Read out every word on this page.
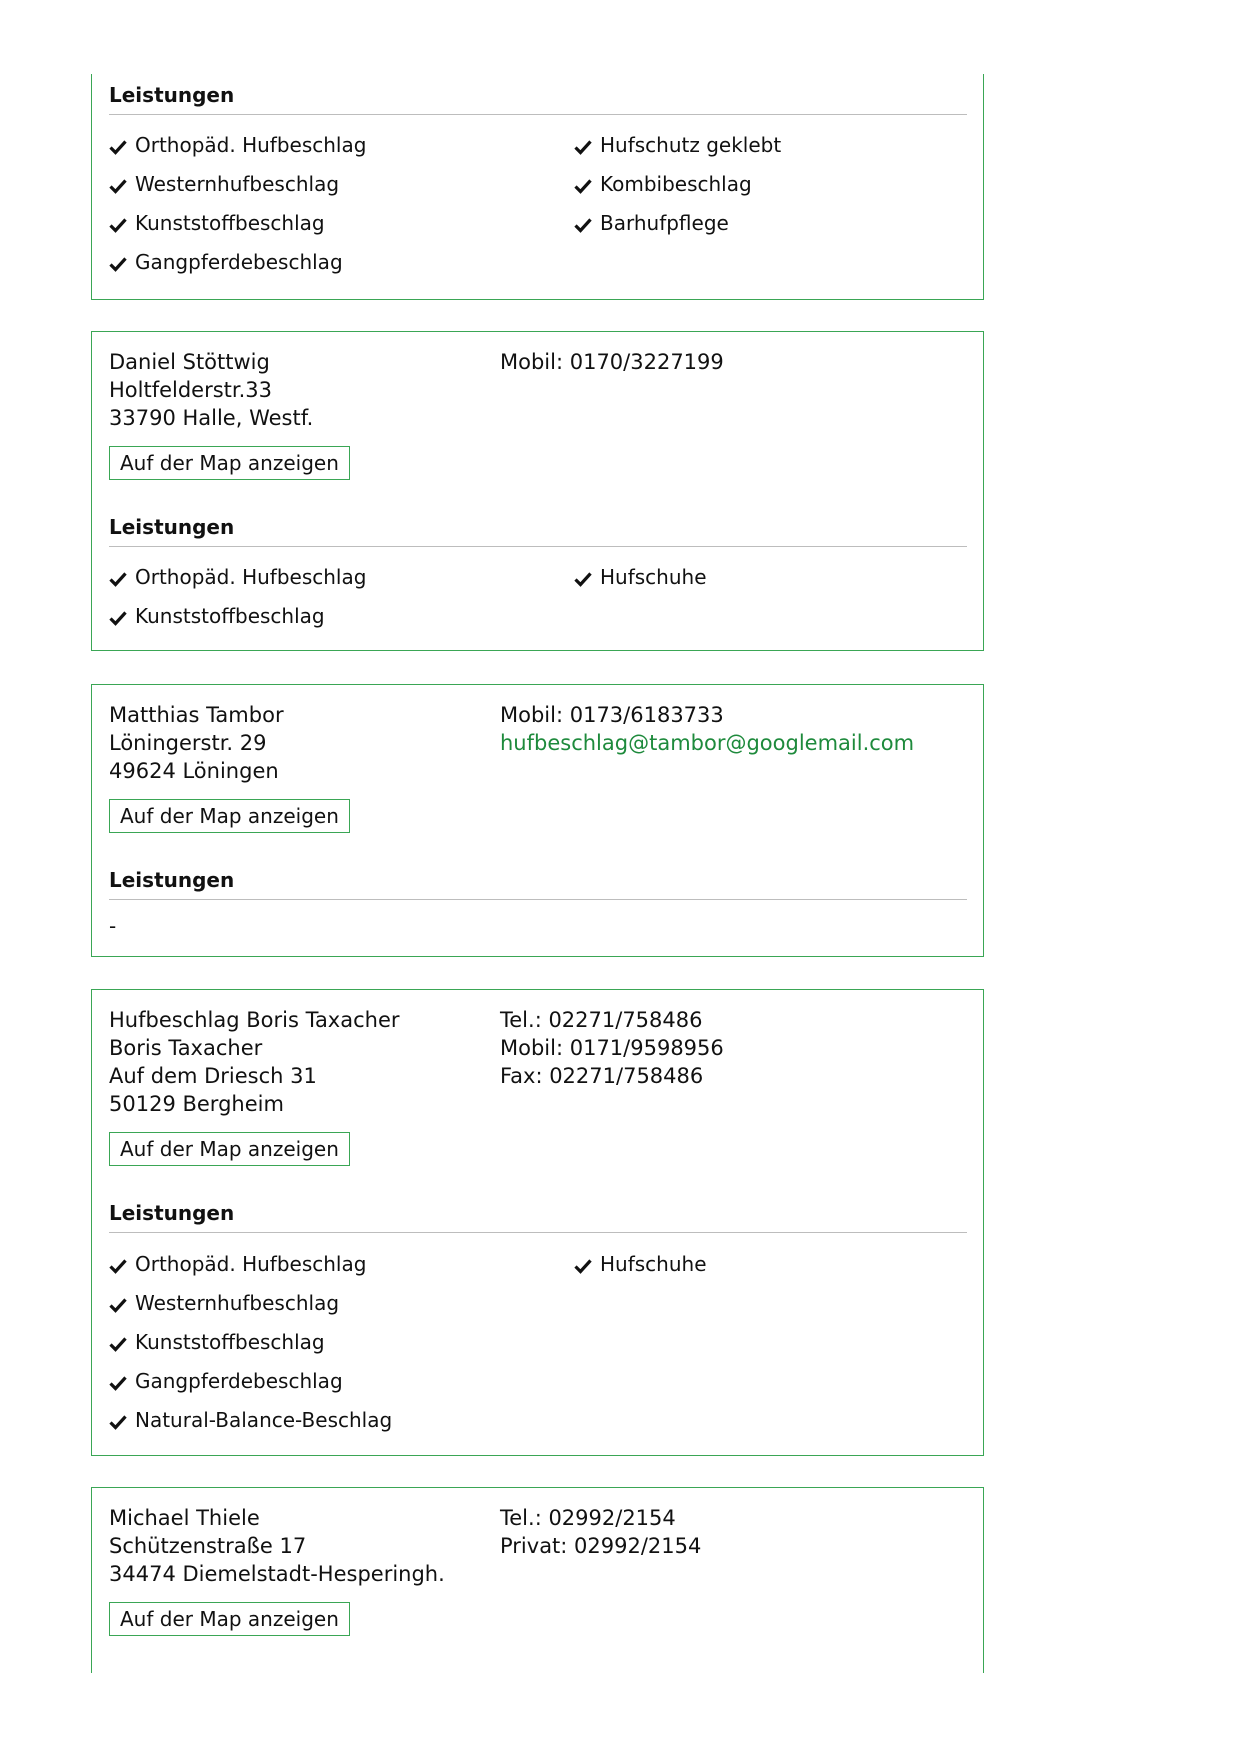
Leistungen
Orthopäd. Hufbeschlag
Westernhufbeschlag
Kunststoffbeschlag
Gangpferdebeschlag
Hufschutz geklebt
Kombibeschlag
Barhufpflege
Daniel Stöttwig
Holtfelderstr.33
33790 Halle, Westf.
Mobil: 0170/3227199
Auf der Map anzeigen
Leistungen
Orthopäd. Hufbeschlag
Kunststoffbeschlag
Hufschuhe
Matthias Tambor
Löningerstr. 29
49624 Löningen
Mobil: 0173/6183733
hufbeschlag@tambor@googlemail.com
Auf der Map anzeigen
Leistungen
-
Hufbeschlag Boris Taxacher
Boris Taxacher
Auf dem Driesch 31
50129 Bergheim
Tel.: 02271/758486
Mobil: 0171/9598956
Fax: 02271/758486
Auf der Map anzeigen
Leistungen
Orthopäd. Hufbeschlag
Westernhufbeschlag
Kunststoffbeschlag
Gangpferdebeschlag
Natural-Balance-Beschlag
Hufschuhe
Michael Thiele
Schützenstraße 17
34474 Diemelstadt-Hesperingh.
Tel.: 02992/2154
Privat: 02992/2154
Auf der Map anzeigen
